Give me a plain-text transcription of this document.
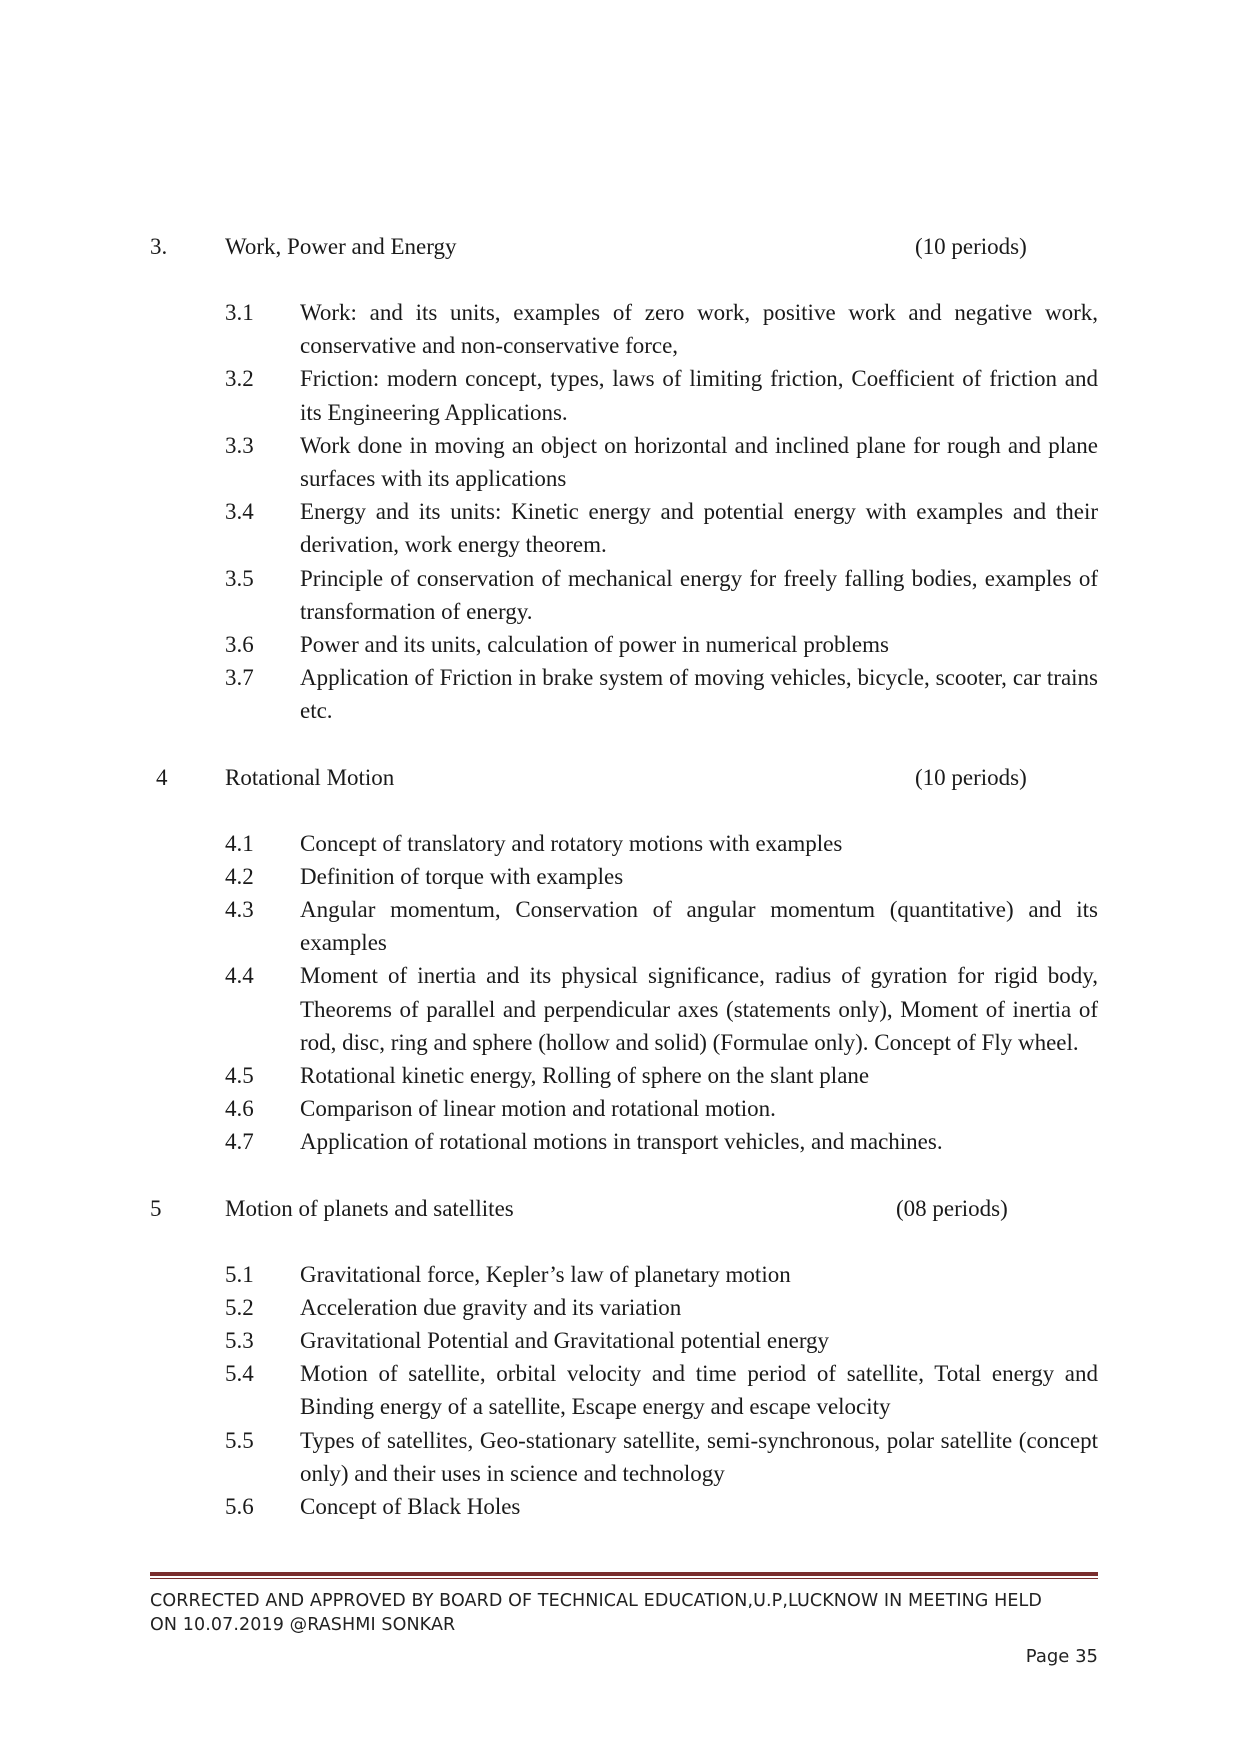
3.	Work, Power and Energy	(10 periods)
3.1	Work: and its units, examples of zero work, positive work and negative work, conservative and non-conservative force,
3.2	Friction: modern concept, types, laws of limiting friction, Coefficient of friction and its Engineering Applications.
3.3	Work done in moving an object on horizontal and inclined plane for rough and plane surfaces with its applications
3.4	Energy and its units: Kinetic energy and potential energy with examples and their derivation, work energy theorem.
3.5	Principle of conservation of mechanical energy for freely falling bodies, examples of transformation of energy.
3.6	Power and its units, calculation of power in numerical problems
3.7	Application of Friction in brake system of moving vehicles, bicycle, scooter, car trains etc.
4	Rotational Motion	(10 periods)
4.1	Concept of translatory and rotatory motions with examples
4.2	Definition of torque with examples
4.3	Angular momentum, Conservation of angular momentum (quantitative) and its examples
4.4	Moment of inertia and its physical significance, radius of gyration for rigid body, Theorems of parallel and perpendicular axes (statements only), Moment of inertia of rod, disc, ring and sphere (hollow and solid) (Formulae only). Concept of Fly wheel.
4.5	Rotational kinetic energy, Rolling of sphere on the slant plane
4.6	Comparison of linear motion and rotational motion.
4.7	Application of rotational motions in transport vehicles, and machines.
5	Motion of planets and satellites	(08 periods)
5.1	Gravitational force, Kepler’s law of planetary motion
5.2	Acceleration due gravity and its variation
5.3	Gravitational Potential and Gravitational potential energy
5.4	Motion of satellite, orbital velocity and time period of satellite, Total energy and Binding energy of a satellite, Escape energy and escape velocity
5.5	Types of satellites, Geo-stationary satellite, semi-synchronous, polar satellite (concept only) and their uses in science and technology
5.6	Concept of Black Holes
CORRECTED AND APPROVED BY BOARD OF TECHNICAL EDUCATION,U.P,LUCKNOW IN MEETING HELD
ON 10.07.2019 @RASHMI SONKAR
Page 35
